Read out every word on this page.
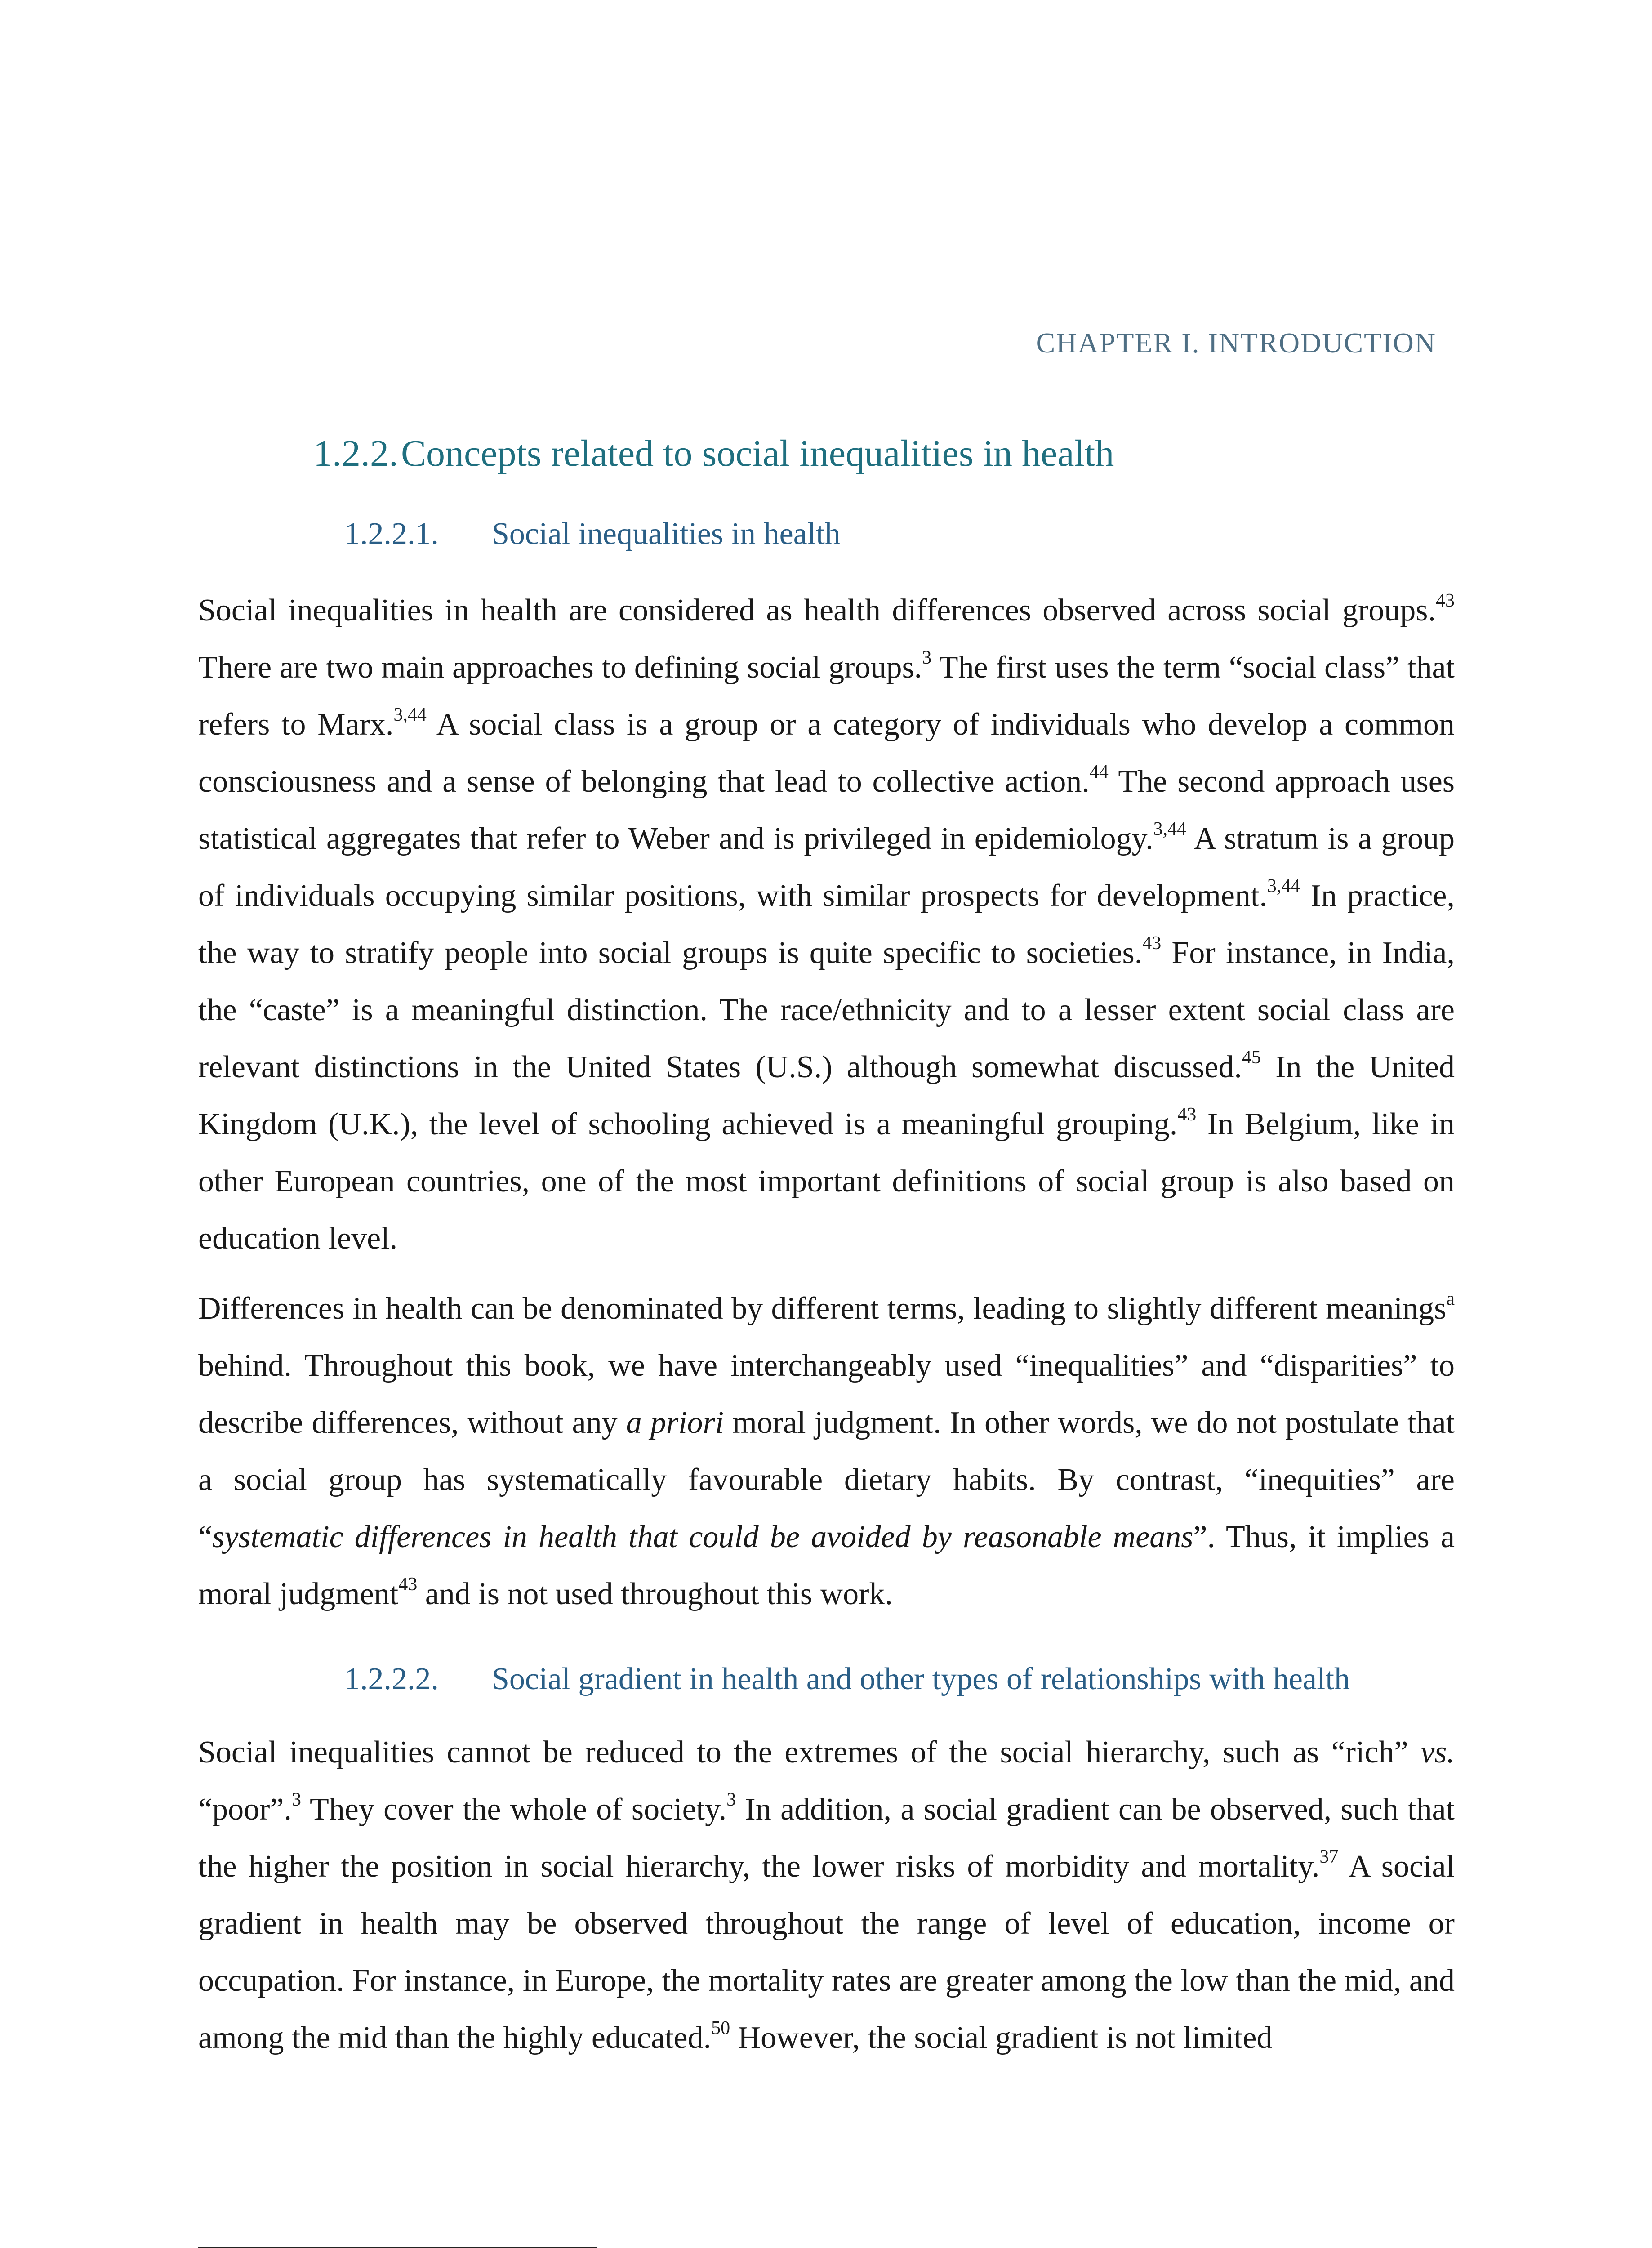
CHAPTER I. INTRODUCTION
1.2.2.Concepts related to social inequalities in health
1.2.2.1. Social inequalities in health

Social inequalities in health are considered as health differences observed across social groups.$^{43}$ There are two main approaches to defining social groups.$^3$ The first uses the term “social class” that refers to Marx.$^{3,44}$ A social class is a group or a category of individuals who develop a common consciousness and a sense of belonging that lead to collective action.$^{44}$ The second approach uses statistical aggregates that refer to Weber and is privileged in epidemiology.$^{3,44}$ A stratum is a group of individuals occupying similar positions, with similar prospects for development.$^{3,44}$ In practice, the way to stratify people into social groups is quite specific to societies.$^{43}$ For instance, in India, the “caste” is a meaningful distinction. The race/ethnicity and to a lesser extent social class are relevant distinctions in the United States (U.S.) although somewhat discussed.$^{45}$ In the United Kingdom (U.K.), the level of schooling achieved is a meaningful grouping.$^{43}$ In Belgium, like in other European countries, one of the most important definitions of social group is also based on education level.

Differences in health can be denominated by different terms, leading to slightly different meanings$^a$ behind. Throughout this book, we have interchangeably used “inequalities” and “disparities” to describe differences, without any a priori moral judgment. In other words, we do not postulate that a social group has systematically favourable dietary habits. By contrast, “inequities” are “systematic differences in health that could be avoided by reasonable means”. Thus, it implies a moral judgment$^{43}$ and is not used throughout this work.

1.2.2.2. Social gradient in health and other types of relationships with health

Social inequalities cannot be reduced to the extremes of the social hierarchy, such as “rich” vs. “poor”.$^3$ They cover the whole of society.$^3$ In addition, a social gradient can be observed, such that the higher the position in social hierarchy, the lower risks of morbidity and mortality.$^{37}$ A social gradient in health may be observed throughout the range of level of education, income or occupation. For instance, in Europe, the mortality rates are greater among the low than the mid, and among the mid than the highly educated.$^{50}$ However, the social gradient is not limited
